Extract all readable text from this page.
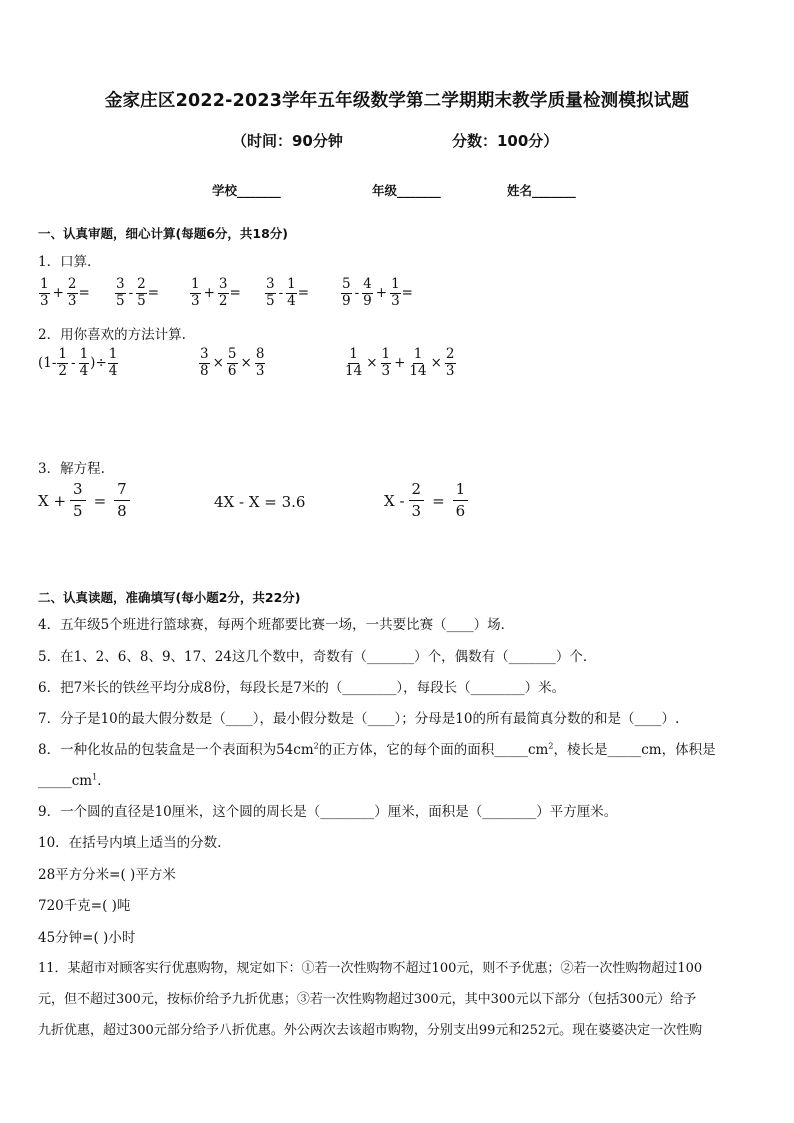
金家庄区2022-2023学年五年级数学第二学期期末教学质量检测模拟试题
（时间：90分钟	分数：100分）
学校_______	年级_______	姓名_______
一、认真审题，细心计算(每题6分，共18分)
1．口算．
$\frac{1}{3} + \frac{2}{3} = \frac{3}{5} - \frac{2}{5} = \frac{1}{3} + \frac{3}{2} = \frac{3}{5} - \frac{1}{4} = \frac{5}{9} - \frac{4}{9} + \frac{1}{3}$ =
2．用你喜欢的方法计算.
($1- \frac{1}{2} - \frac{1}{4}$ )÷ $\frac{1}{4}$	$\frac{3}{8} \times \frac{5}{6} \times \frac{8}{3}$	$\frac{1}{14} \times \frac{1}{3} + \frac{1}{14} \times \frac{2}{3}$
3．解方程.
$X + \frac{3}{5} = \frac{7}{8}$	4X - X = 3.6	$X - \frac{2}{3} = \frac{1}{6}$
二、认真读题，准确填写(每小题2分，共22分)
4．五年级5个班进行篮球赛，每两个班都要比赛一场，一共要比赛（____）场．
5．在1、2、6、8、9、17、24这几个数中，奇数有（_______）个，偶数有（_______）个．
6．把7米长的铁丝平均分成8份，每段长是7米的（________），每段长（________）米。
7．分子是10的最大假分数是（____），最小假分数是（____）；分母是10的所有最简真分数的和是（____）.
8．一种化妆品的包装盒是一个表面积为$54cm^2$的正方体，它的每个面的面积$\_\_\_\_\_cm^2$，棱长是_____cm，体积是
$\_\_\_\_\_cm^1$．
9．一个圆的直径是10厘米，这个圆的周长是（________）厘米，面积是（________）平方厘米。
10．在括号内填上适当的分数.
28平方分米=( )平方米
720千克=( )吨
45分钟=( )小时
11．某超市对顾客实行优惠购物，规定如下：①若一次性购物不超过100元，则不予优惠；②若一次性购物超过100
元，但不超过300元，按标价给予九折优惠；③若一次性购物超过300元，其中300元以下部分（包括300元）给予
九折优惠，超过300元部分给予八折优惠。外公两次去该超市购物，分别支出99元和252元。现在婆婆决定一次性购
